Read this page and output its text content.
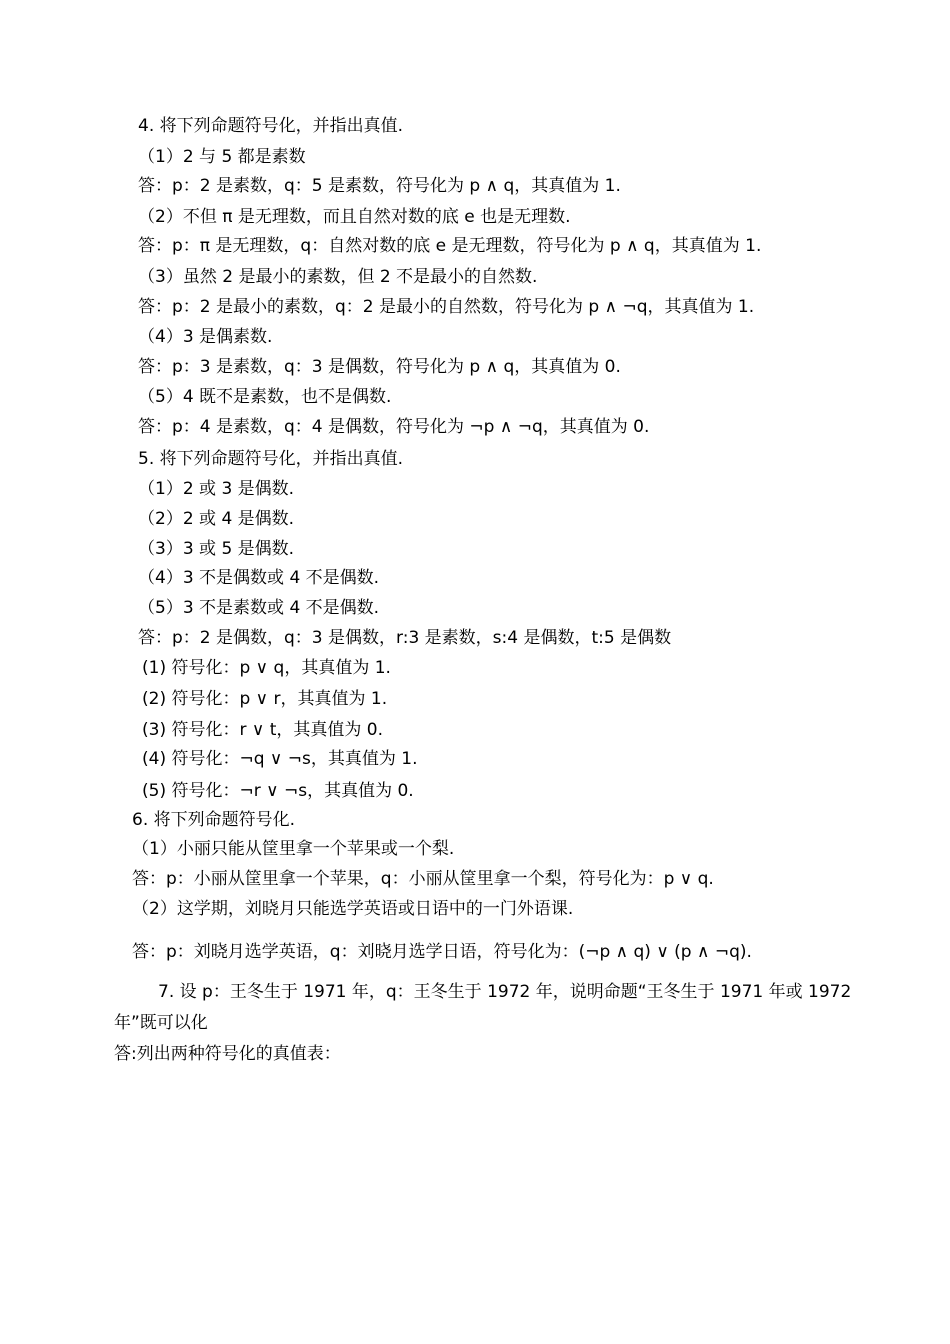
4. 将下列命题符号化，并指出真值.
（1）2 与 5 都是素数
答：p：2 是素数，q：5 是素数，符号化为 p ∧ q，其真值为 1.
（2）不但 π 是无理数，而且自然对数的底 e 也是无理数.
答：p：π 是无理数，q：自然对数的底 e 是无理数，符号化为 p ∧ q，其真值为 1.
（3）虽然 2 是最小的素数，但 2 不是最小的自然数.
答：p：2 是最小的素数，q：2 是最小的自然数，符号化为 p ∧ ¬q，其真值为 1.
（4）3 是偶素数.
答：p：3 是素数，q：3 是偶数，符号化为 p ∧ q，其真值为 0.
（5）4 既不是素数，也不是偶数.
答：p：4 是素数，q：4 是偶数，符号化为 ¬p ∧ ¬q，其真值为 0.
5. 将下列命题符号化，并指出真值.
（1）2 或 3 是偶数.
（2）2 或 4 是偶数.
（3）3 或 5 是偶数.
（4）3 不是偶数或 4 不是偶数.
（5）3 不是素数或 4 不是偶数.
答：p：2 是偶数，q：3 是偶数，r:3 是素数，s:4 是偶数，t:5 是偶数
(1) 符号化：p ∨ q，其真值为 1.
(2) 符号化：p ∨ r，其真值为 1.
(3) 符号化：r ∨ t，其真值为 0.
(4) 符号化：¬q ∨ ¬s，其真值为 1.
(5) 符号化：¬r ∨ ¬s，其真值为 0.
6. 将下列命题符号化.
（1）小丽只能从筐里拿一个苹果或一个梨.
答：p：小丽从筐里拿一个苹果，q：小丽从筐里拿一个梨，符号化为：p ∨ q.
（2）这学期，刘晓月只能选学英语或日语中的一门外语课.
答：p：刘晓月选学英语，q：刘晓月选学日语，符号化为：(¬p ∧ q) ∨ (p ∧ ¬q).
7. 设 p：王冬生于 1971 年，q：王冬生于 1972 年，说明命题“王冬生于 1971 年或 1972
年”既可以化
答:列出两种符号化的真值表：
